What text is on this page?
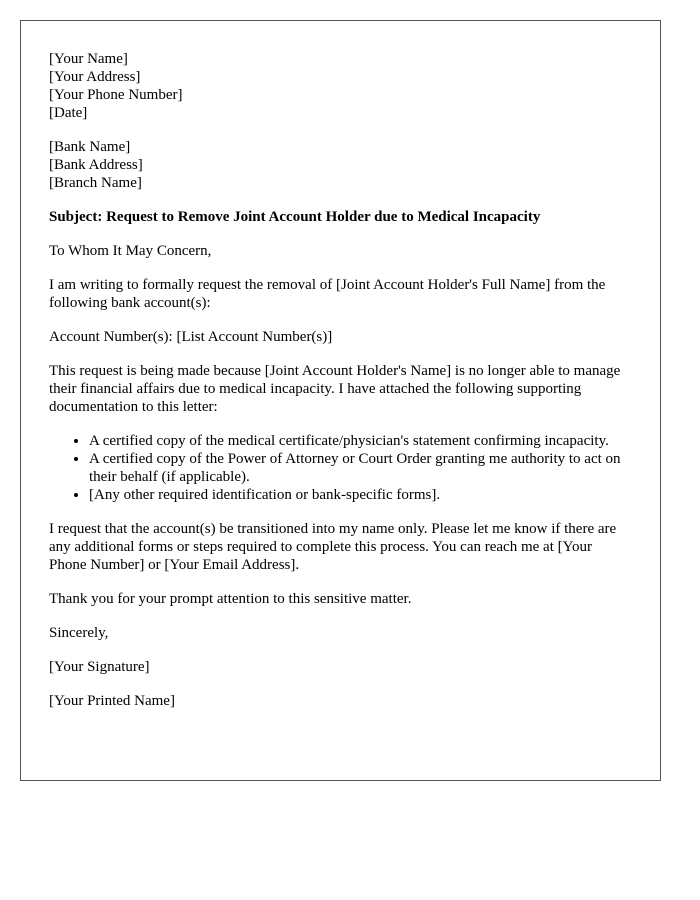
[Your Name]
[Your Address]
[Your Phone Number]
[Date]

[Bank Name]
[Bank Address]
[Branch Name]

Subject: Request to Remove Joint Account Holder due to Medical Incapacity

To Whom It May Concern,

I am writing to formally request the removal of [Joint Account Holder's Full Name] from the following bank account(s):

Account Number(s): [List Account Number(s)]

This request is being made because [Joint Account Holder's Name] is no longer able to manage their financial affairs due to medical incapacity. I have attached the following supporting documentation to this letter:

• A certified copy of the medical certificate/physician's statement confirming incapacity.
• A certified copy of the Power of Attorney or Court Order granting me authority to act on their behalf (if applicable).
• [Any other required identification or bank-specific forms].

I request that the account(s) be transitioned into my name only. Please let me know if there are any additional forms or steps required to complete this process. You can reach me at [Your Phone Number] or [Your Email Address].

Thank you for your prompt attention to this sensitive matter.

Sincerely,

[Your Signature]

[Your Printed Name]
